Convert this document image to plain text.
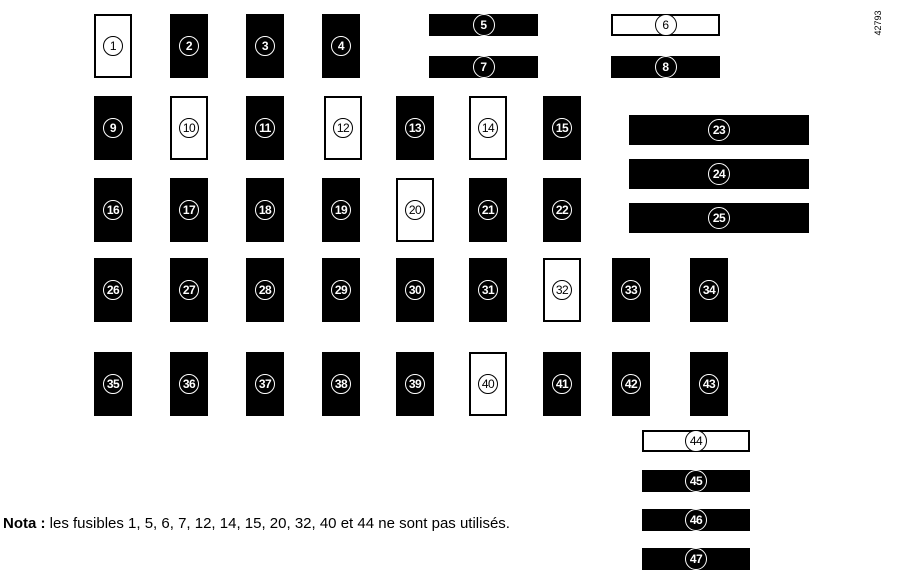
42793
1	2	3	4
5	6
7	8
9	10	11	12	13	14	15
16	17	18	19	20	21	22
23
24
25
26	27	28	29	30	31	32	33	34
35	36	37	38	39	40	41	42	43
44
45
46
47
Nota : les fusibles 1, 5, 6, 7, 12, 14, 15, 20, 32, 40 et 44 ne sont pas utilisés.
